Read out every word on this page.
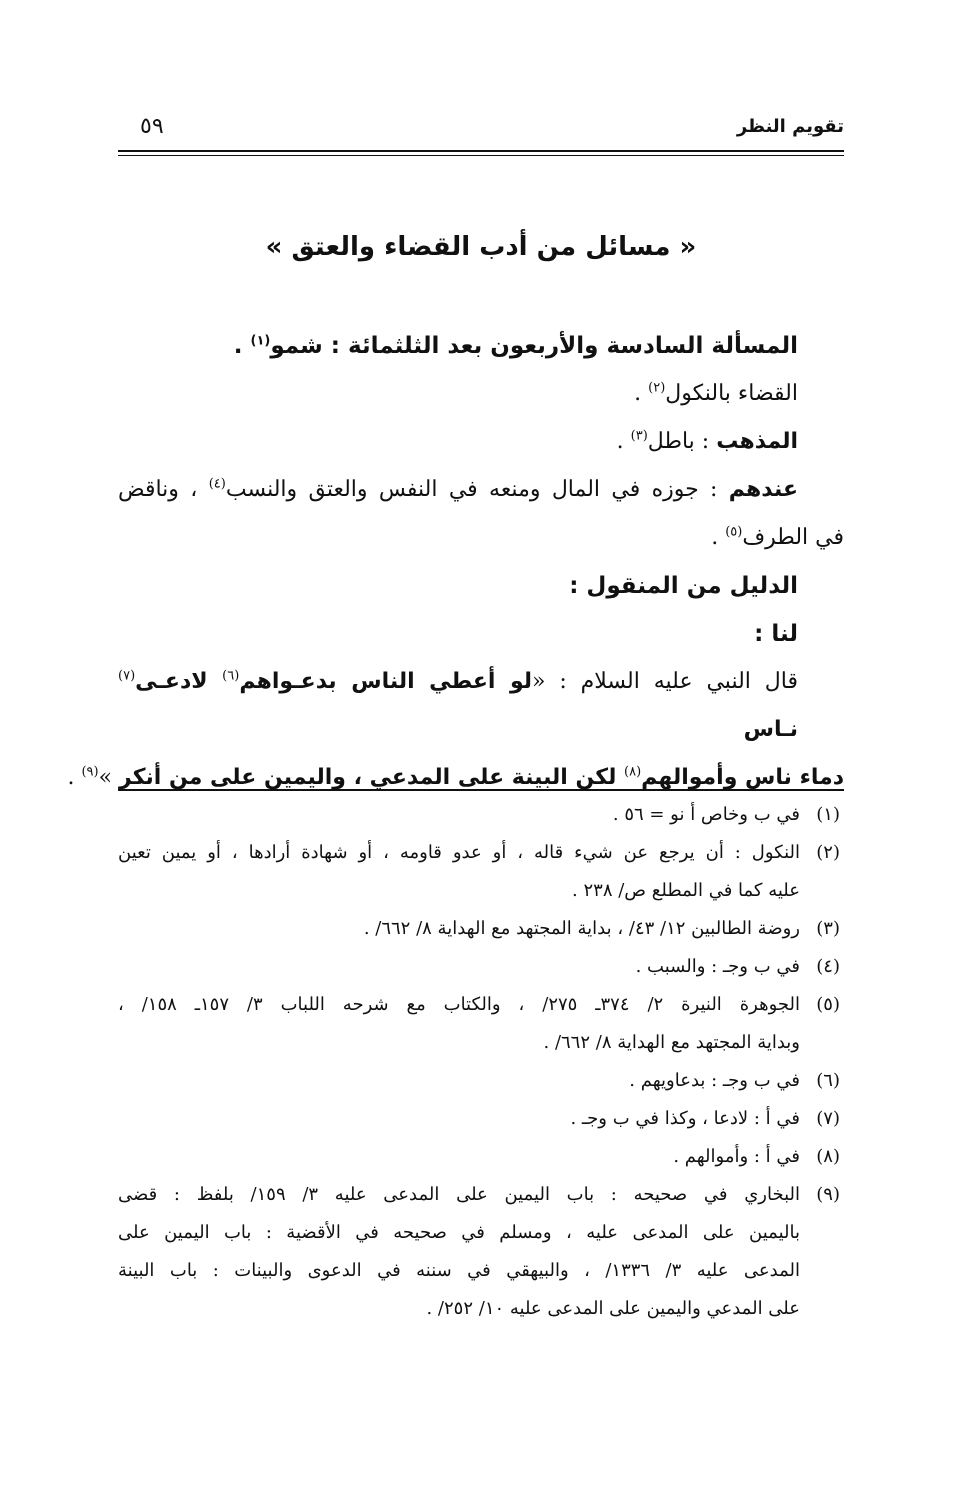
تقويم النظر
٥٩
« مسائل من أدب القضاء والعتق »
المسألة السادسة والأربعون بعد الثلثمائة : شمو$^{(١)}$ .
القضاء بالنكول$^{(٢)}$ .
المذهب : باطل$^{(٣)}$ .
عندهم : جوزه في المال ومنعه في النفس والعتق والنسب$^{(٤)}$ ، وناقض
في الطرف$^{(٥)}$ .
الدليل من المنقول :
لنا :
قال النبي عليه السلام : «لو أعطي الناس بدعـواهم$^{(٦)}$ لادعـى$^{(٧)}$ نـاس
دماء ناس وأموالهم$^{(٨)}$ لكن البينة على المدعي ، واليمين على من أنكر »$^{(٩)}$ .
(١)
في ب وخاص أ نو = ٥٦ .
(٢)
النكول : أن يرجع عن شيء قاله ، أو عدو قاومه ، أو شهادة أرادها ، أو يمين تعين
عليه كما في المطلع ص/ ٢٣٨ .
(٣)
روضة الطالبين ١٢/ ٤٣/ ، بداية المجتهد مع الهداية ٨/ ٦٦٢/ .
(٤)
في ب وجـ : والسبب .
(٥)
الجوهرة النيرة ٢/ ٣٧٤ـ ٢٧٥/ ، والكتاب مع شرحه اللباب ٣/ ١٥٧ـ ١٥٨/ ،
وبداية المجتهد مع الهداية ٨/ ٦٦٢/ .
(٦)
في ب وجـ : بدعاويهم .
(٧)
في أ : لادعا ، وكذا في ب وجـ .
(٨)
في أ : وأموالهم .
(٩)
البخاري في صحيحه : باب اليمين على المدعى عليه ٣/ ١٥٩/ بلفظ : قضى
باليمين على المدعى عليه ، ومسلم في صحيحه في الأقضية : باب اليمين على
المدعى عليه ٣/ ١٣٣٦/ ، والبيهقي في سننه في الدعوى والبينات : باب البينة
على المدعي واليمين على المدعى عليه ١٠/ ٢٥٢/ .
